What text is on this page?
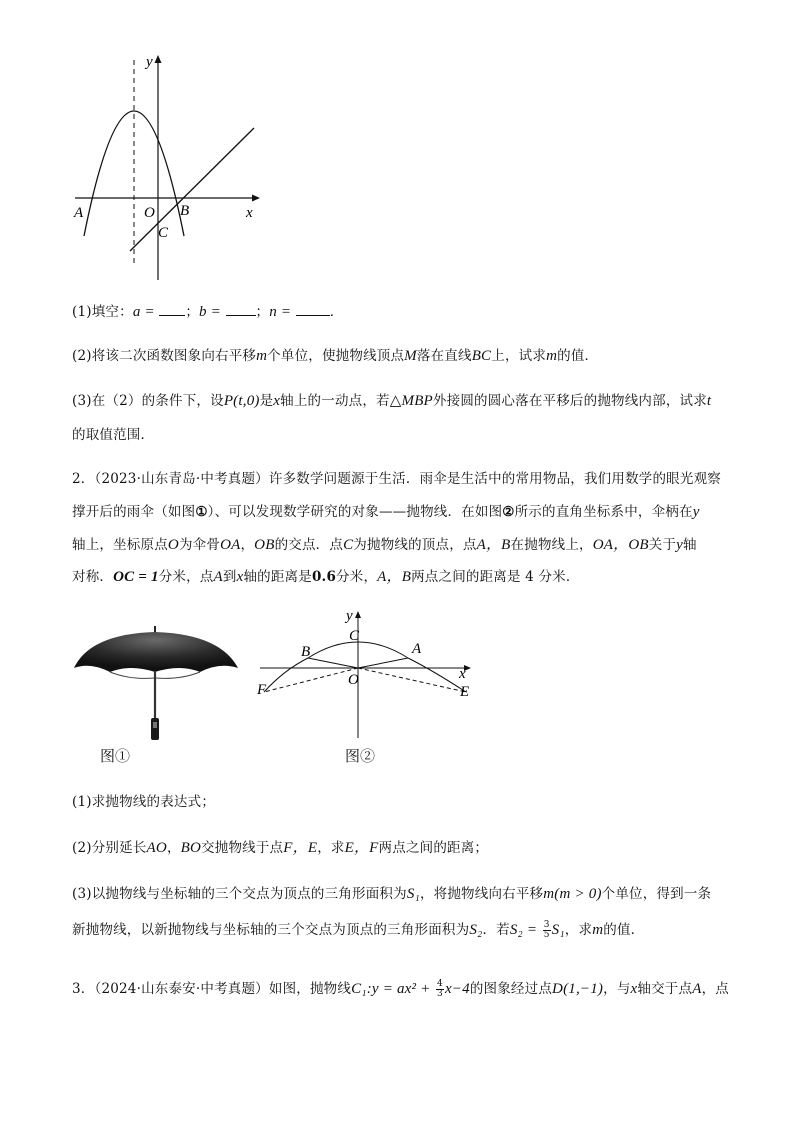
y
x
A	O B
C
(1)填空：a = ；b =	；n =	．
(2)将该二次函数图象向右平移m个单位，使抛物线顶点M落在直线BC上，试求m的值．
(3)在（2）的条件下，设P(t,0)是x轴上的一动点，若△MBP外接圆的圆心落在平移后的抛物线内部，试求t
的取值范围．
2．（2023·山东青岛·中考真题）许多数学问题源于生活．雨伞是生活中的常用物品，我们用数学的眼光观察
撑开后的雨伞（如图①）、可以发现数学研究的对象——抛物线．在如图②所示的直角坐标系中，伞柄在y
轴上，坐标原点O为伞骨OA，OB的交点．点C为抛物线的顶点，点A，B在抛物线上，OA，OB关于y轴
对称．OC = 1分米，点A到x轴的距离是0.6分米，A，B两点之间的距离是 4 分米．
y
x
C
A
B
O
F	E
图①	图②
(1)求抛物线的表达式；
(2)分别延长AO，BO交抛物线于点F，E，求E，F两点之间的距离；
(3)以抛物线与坐标轴的三个交点为顶点的三角形面积为S₁，将抛物线向右平移m(m > 0)个单位，得到一条
新抛物线，以新抛物线与坐标轴的三个交点为顶点的三角形面积为S₂．若$S_2 = \frac{3}{5} S_1$，求m的值．
3．（2024·山东泰安·中考真题）如图，抛物线C₁:y = $ax^2 + \frac{4}{3} x-4$的图象经过点D(1,−1)，与x轴交于点A，点
